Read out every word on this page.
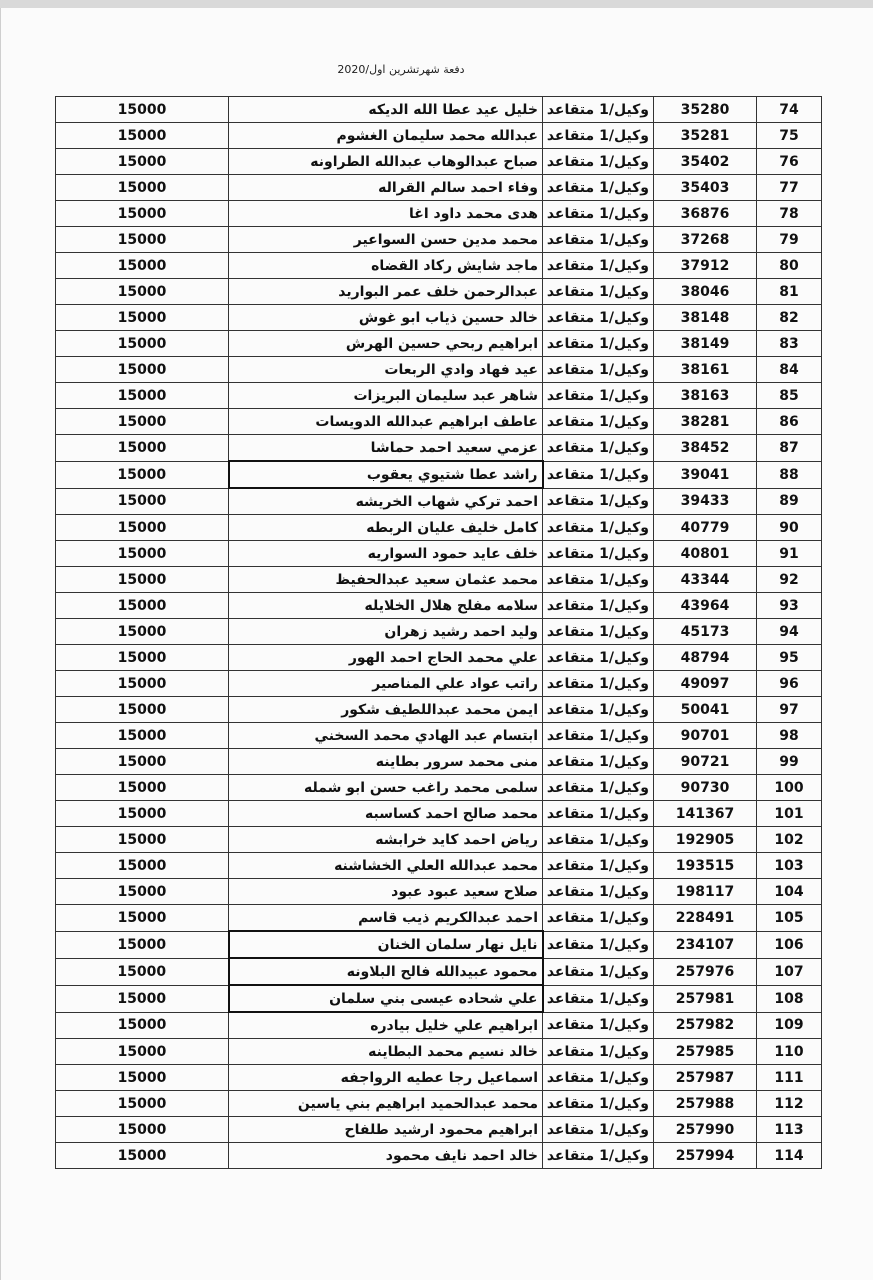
دفعة شهرتشرين اول/2020
74	35280	وكيل/1 متقاعد	خليل عيد عطا الله الديكه	15000
75	35281	وكيل/1 متقاعد	عبدالله محمد سليمان الغشوم	15000
76	35402	وكيل/1 متقاعد	صباح عبدالوهاب عبدالله الطراونه	15000
77	35403	وكيل/1 متقاعد	وفاء احمد سالم القراله	15000
78	36876	وكيل/1 متقاعد	هدى محمد داود اغا	15000
79	37268	وكيل/1 متقاعد	محمد مدين حسن السواعير	15000
80	37912	وكيل/1 متقاعد	ماجد شايش ركاد القضاه	15000
81	38046	وكيل/1 متقاعد	عبدالرحمن خلف عمر البواريد	15000
82	38148	وكيل/1 متقاعد	خالد حسين ذياب ابو غوش	15000
83	38149	وكيل/1 متقاعد	ابراهيم ربحي حسين الهرش	15000
84	38161	وكيل/1 متقاعد	عيد فهاد وادي الربعات	15000
85	38163	وكيل/1 متقاعد	شاهر عبد سليمان البريزات	15000
86	38281	وكيل/1 متقاعد	عاطف ابراهيم عبدالله الدويسات	15000
87	38452	وكيل/1 متقاعد	عزمي سعيد احمد حماشا	15000
88	39041	وكيل/1 متقاعد	راشد عطا شتيوي يعقوب	15000
89	39433	وكيل/1 متقاعد	احمد تركي شهاب الخريشه	15000
90	40779	وكيل/1 متقاعد	كامل خليف عليان الربطه	15000
91	40801	وكيل/1 متقاعد	خلف عايد حمود السواريه	15000
92	43344	وكيل/1 متقاعد	محمد عثمان سعيد عبدالحفيظ	15000
93	43964	وكيل/1 متقاعد	سلامه مفلح هلال الخلايله	15000
94	45173	وكيل/1 متقاعد	وليد احمد رشيد زهران	15000
95	48794	وكيل/1 متقاعد	علي محمد الحاج احمد الهور	15000
96	49097	وكيل/1 متقاعد	راتب عواد علي المناصير	15000
97	50041	وكيل/1 متقاعد	ايمن محمد عبداللطيف شكور	15000
98	90701	وكيل/1 متقاعد	ابتسام عبد الهادي محمد السخني	15000
99	90721	وكيل/1 متقاعد	منى محمد سرور بطاينه	15000
100	90730	وكيل/1 متقاعد	سلمى محمد راغب حسن ابو شمله	15000
101	141367	وكيل/1 متقاعد	محمد صالح احمد كساسبه	15000
102	192905	وكيل/1 متقاعد	رياض احمد كايد خرابشه	15000
103	193515	وكيل/1 متقاعد	محمد عبدالله العلي الخشاشنه	15000
104	198117	وكيل/1 متقاعد	صلاح سعيد عبود عبود	15000
105	228491	وكيل/1 متقاعد	احمد عبدالكريم ذيب قاسم	15000
106	234107	وكيل/1 متقاعد	نايل نهار سلمان الخنان	15000
107	257976	وكيل/1 متقاعد	محمود عبيدالله فالح البلاونه	15000
108	257981	وكيل/1 متقاعد	علي شحاده عيسى بني سلمان	15000
109	257982	وكيل/1 متقاعد	ابراهيم علي خليل بيادره	15000
110	257985	وكيل/1 متقاعد	خالد نسيم محمد البطاينه	15000
111	257987	وكيل/1 متقاعد	اسماعيل رجا عطيه الرواجفه	15000
112	257988	وكيل/1 متقاعد	محمد عبدالحميد ابراهيم بني ياسين	15000
113	257990	وكيل/1 متقاعد	ابراهيم محمود ارشيد طلفاح	15000
114	257994	وكيل/1 متقاعد	خالد احمد نايف محمود	15000
